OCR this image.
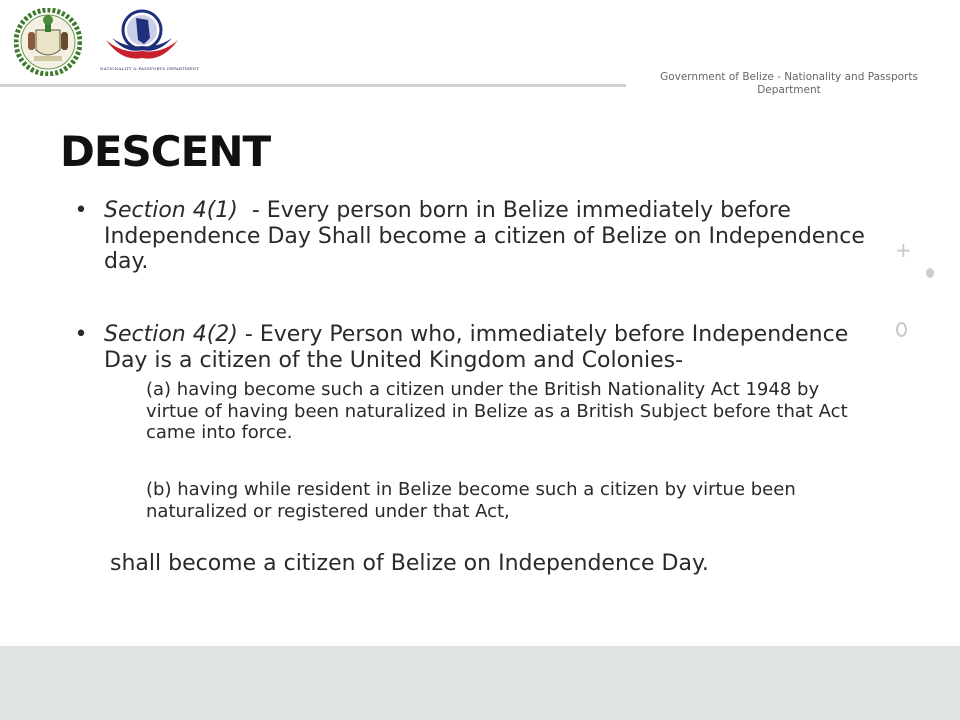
NATIONALITY & PASSPORTS DEPARTMENT
Government of Belize - Nationality and Passports Department
DESCENT
• Section 4(1)  - Every person born in Belize immediately before Independence Day Shall become a citizen of Belize on Independence day.
• Section 4(2) - Every Person who, immediately before Independence Day is a citizen of the United Kingdom and Colonies-
(a) having become such a citizen under the British Nationality Act 1948 by virtue of having been naturalized in Belize as a British Subject before that Act came into force.
(b) having while resident in Belize become such a citizen by virtue been naturalized or registered under that Act,
shall become a citizen of Belize on Independence Day.
+
